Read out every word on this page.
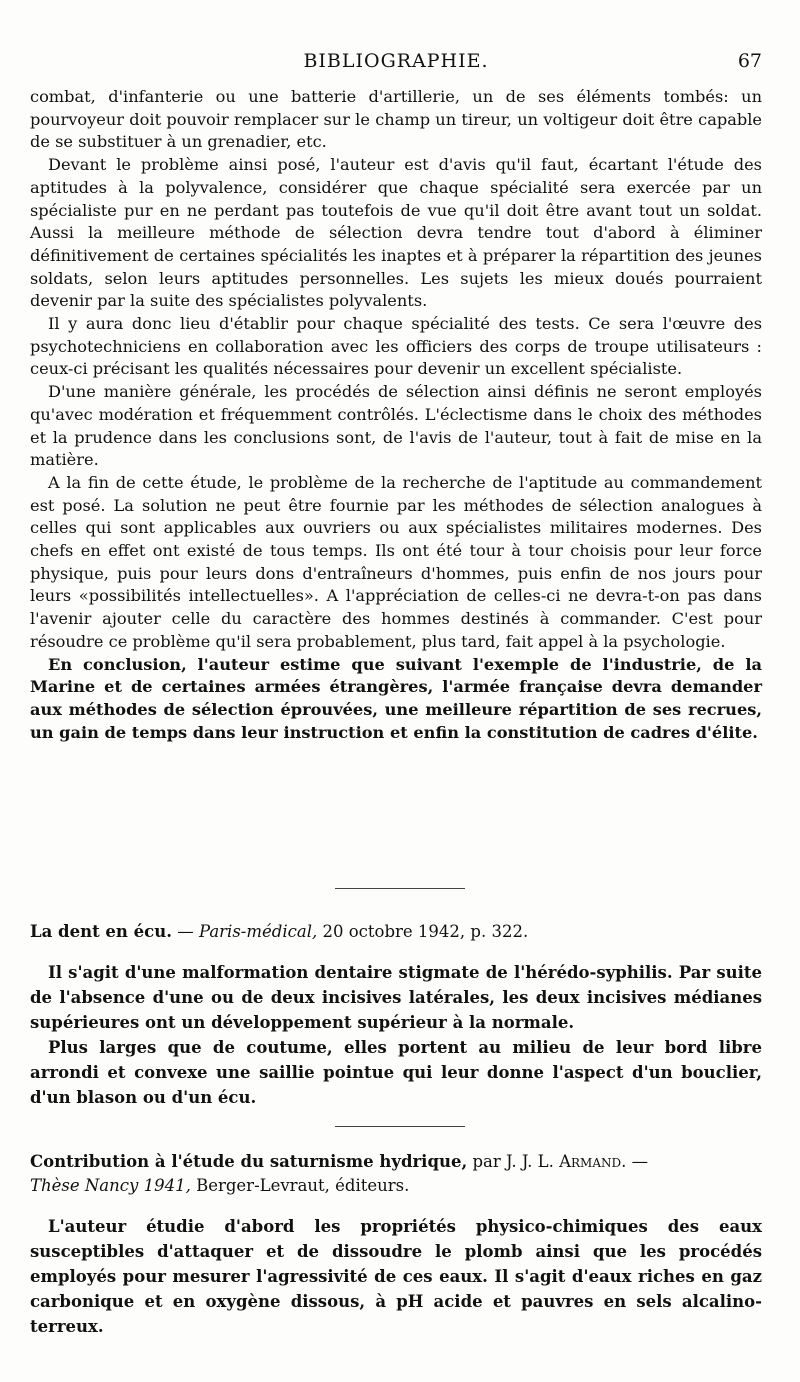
BIBLIOGRAPHIE.	67

combat, d'infanterie ou une batterie d'artillerie, un de ses éléments tombés: un pourvoyeur doit pouvoir remplacer sur le champ un tireur, un voltigeur doit être capable de se substituer à un grenadier, etc.

Devant le problème ainsi posé, l'auteur est d'avis qu'il faut, écartant l'étude des aptitudes à la polyvalence, considérer que chaque spécialité sera exercée par un spécialiste pur en ne perdant pas toutefois de vue qu'il doit être avant tout un soldat. Aussi la meilleure méthode de sélection devra tendre tout d'abord à éliminer définitivement de certaines spécialités les inaptes et à préparer la répartition des jeunes soldats, selon leurs aptitudes personnelles. Les sujets les mieux doués pourraient devenir par la suite des spécialistes polyvalents.

Il y aura donc lieu d'établir pour chaque spécialité des tests. Ce sera l'œuvre des psychotechniciens en collaboration avec les officiers des corps de troupe utilisateurs : ceux-ci précisant les qualités nécessaires pour devenir un excellent spécialiste.

D'une manière générale, les procédés de sélection ainsi définis ne seront employés qu'avec modération et fréquemment contrôlés. L'éclectisme dans le choix des méthodes et la prudence dans les conclusions sont, de l'avis de l'auteur, tout à fait de mise en la matière.

A la fin de cette étude, le problème de la recherche de l'aptitude au commandement est posé. La solution ne peut être fournie par les méthodes de sélection analogues à celles qui sont applicables aux ouvriers ou aux spécialistes militaires modernes. Des chefs en effet ont existé de tous temps. Ils ont été tour à tour choisis pour leur force physique, puis pour leurs dons d'entraîneurs d'hommes, puis enfin de nos jours pour leurs «possibilités intellectuelles». A l'appréciation de celles-ci ne devra-t-on pas dans l'avenir ajouter celle du caractère des hommes destinés à commander. C'est pour résoudre ce problème qu'il sera probablement, plus tard, fait appel à la psychologie.

En conclusion, l'auteur estime que suivant l'exemple de l'industrie, de la Marine et de certaines armées étrangères, l'armée française devra demander aux méthodes de sélection éprouvées, une meilleure répartition de ses recrues, un gain de temps dans leur instruction et enfin la constitution de cadres d'élite.

La dent en écu. — Paris-médical, 20 octobre 1942, p. 322.

Il s'agit d'une malformation dentaire stigmate de l'hérédo-syphilis. Par suite de l'absence d'une ou de deux incisives latérales, les deux incisives médianes supérieures ont un développement supérieur à la normale.

Plus larges que de coutume, elles portent au milieu de leur bord libre arrondi et convexe une saillie pointue qui leur donne l'aspect d'un bouclier, d'un blason ou d'un écu.

Contribution à l'étude du saturnisme hydrique, par J. J. L. Armand. —
Thèse Nancy 1941, Berger-Levraut, éditeurs.

L'auteur étudie d'abord les propriétés physico-chimiques des eaux susceptibles d'attaquer et de dissoudre le plomb ainsi que les procédés employés pour mesurer l'agressivité de ces eaux. Il s'agit d'eaux riches en gaz carbonique et en oxygène dissous, à pH acide et pauvres en sels alcalino-terreux.
